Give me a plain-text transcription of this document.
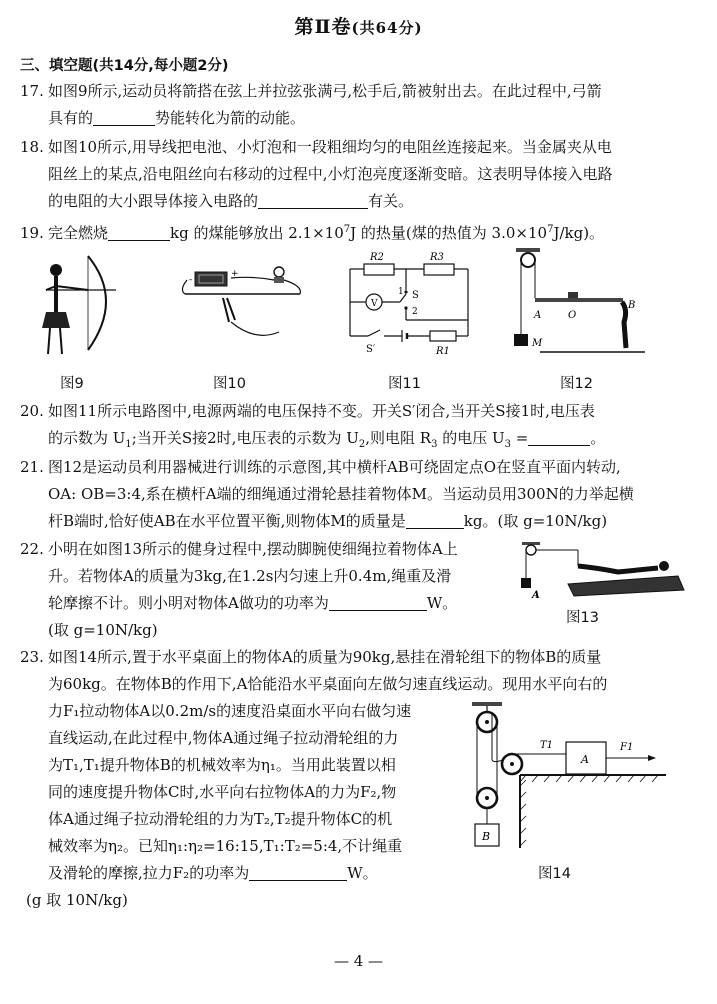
第Ⅱ卷(共64分)
三、填空题(共14分,每小题2分)
17. 如图9所示,运动员将箭搭在弦上并拉弦张满弓,松手后,箭被射出去。在此过程中,弓箭
具有的	势能转化为箭的动能。
18. 如图10所示,用导线把电池、小灯泡和一段粗细均匀的电阻丝连接起来。当金属夹从电
阻丝上的某点,沿电阻丝向右移动的过程中,小灯泡亮度逐渐变暗。这表明导体接入电路
的电阻的大小跟导体接入电路的	有关。
19. 完全燃烧	kg 的煤能够放出 $2.1\times 10^7J$ 的热量(煤的热值为 $3.0\times 10^7J/kg$)。
图9
-
+
图10
R2	R3
V
1 S
2
S′	R1
图11
A	O
B
M
图12
20. 如图11所示电路图中,电源两端的电压保持不变。开关S′闭合,当开关S接1时,电压表
的示数为 $U_1$;当开关S接2时,电压表的示数为 $U_2$,则电阻 $R_3$ 的电压 $U_3$ =	。
21. 图12是运动员利用器械进行训练的示意图,其中横杆AB可绕固定点O在竖直平面内转动,
OA: OB=3:4,系在横杆A端的细绳通过滑轮悬挂着物体M。当运动员用300N的力举起横
杆B端时,恰好使AB在水平位置平衡,则物体M的质量是	kg。(取 g=10N/kg)
22. 小明在如图13所示的健身过程中,摆动脚腕使细绳拉着物体A上
升。若物体A的质量为3kg,在1.2s内匀速上升0.4m,绳重及滑
轮摩擦不计。则小明对物体A做功的功率为	W。
(取 g=10N/kg)
A
图13
23. 如图14所示,置于水平桌面上的物体A的质量为90kg,悬挂在滑轮组下的物体B的质量
为60kg。在物体B的作用下,A恰能沿水平桌面向左做匀速直线运动。现用水平向右的
力F₁拉动物体A以0.2m/s的速度沿桌面水平向右做匀速
直线运动,在此过程中,物体A通过绳子拉动滑轮组的力
为T₁,T₁提升物体B的机械效率为η₁。当用此装置以相
同的速度提升物体C时,水平向右拉物体A的力为F₂,物
体A通过绳子拉动滑轮组的力为T₂,T₂提升物体C的机
械效率为η₂。已知η₁:η₂=16:15,T₁:T₂=5:4,不计绳重
及滑轮的摩擦,拉力F₂的功率为	W。
(g 取 10N/kg)
B
A
T1	F1
图14
— 4 —
